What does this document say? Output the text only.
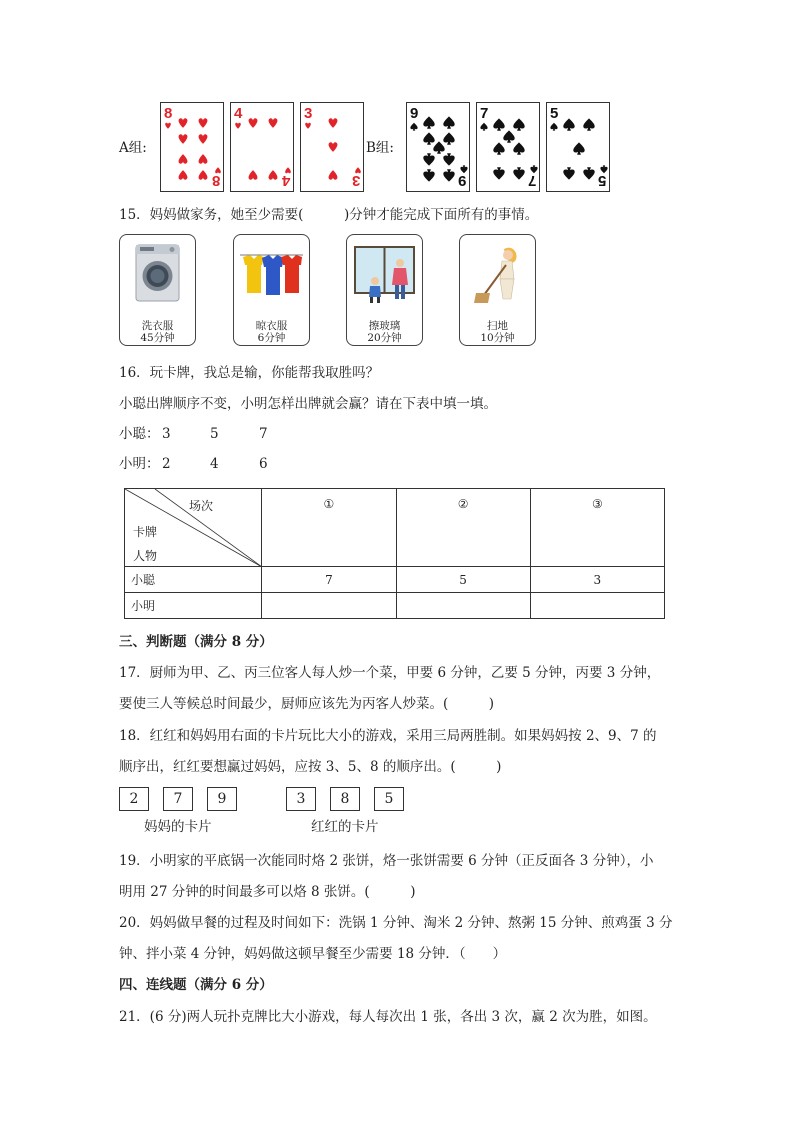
A组:	B组:
8
8
4
4
3
3
9
9
7
7
5
5
15．妈妈做家务，她至少需要(　　　)分钟才能完成下面所有的事情。
洗衣服
45分钟
晾衣服
6分钟
擦玻璃
20分钟
扫地
10分钟
16．玩卡牌，我总是输，你能帮我取胜吗？
小聪出牌顺序不变，小明怎样出牌就会赢？请在下表中填一填。
小聪： 3	5	7
小明： 2	4	6
场次
卡牌
人物	①	②	③
小聪	7	5	3
小明			
三、判断题（满分 8 分）
17．厨师为甲、乙、丙三位客人每人炒一个菜，甲要 6 分钟，乙要 5 分钟，丙要 3 分钟，
要使三人等候总时间最少，厨师应该先为丙客人炒菜。(　　　)
18．红红和妈妈用右面的卡片玩比大小的游戏，采用三局两胜制。如果妈妈按 2、9、7 的
顺序出，红红要想赢过妈妈，应按 3、5、8 的顺序出。(　　　)
2	7	9	3	8	5
妈妈的卡片	红红的卡片
19．小明家的平底锅一次能同时烙 2 张饼，烙一张饼需要 6 分钟（正反面各 3 分钟），小
明用 27 分钟的时间最多可以烙 8 张饼。(　　　)
20．妈妈做早餐的过程及时间如下：洗锅 1 分钟、淘米 2 分钟、熬粥 15 分钟、煎鸡蛋 3 分
钟、拌小菜 4 分钟，妈妈做这顿早餐至少需要 18 分钟．（　　）
四、连线题（满分 6 分）
21．(6 分)两人玩扑克牌比大小游戏，每人每次出 1 张，各出 3 次，赢 2 次为胜，如图。
